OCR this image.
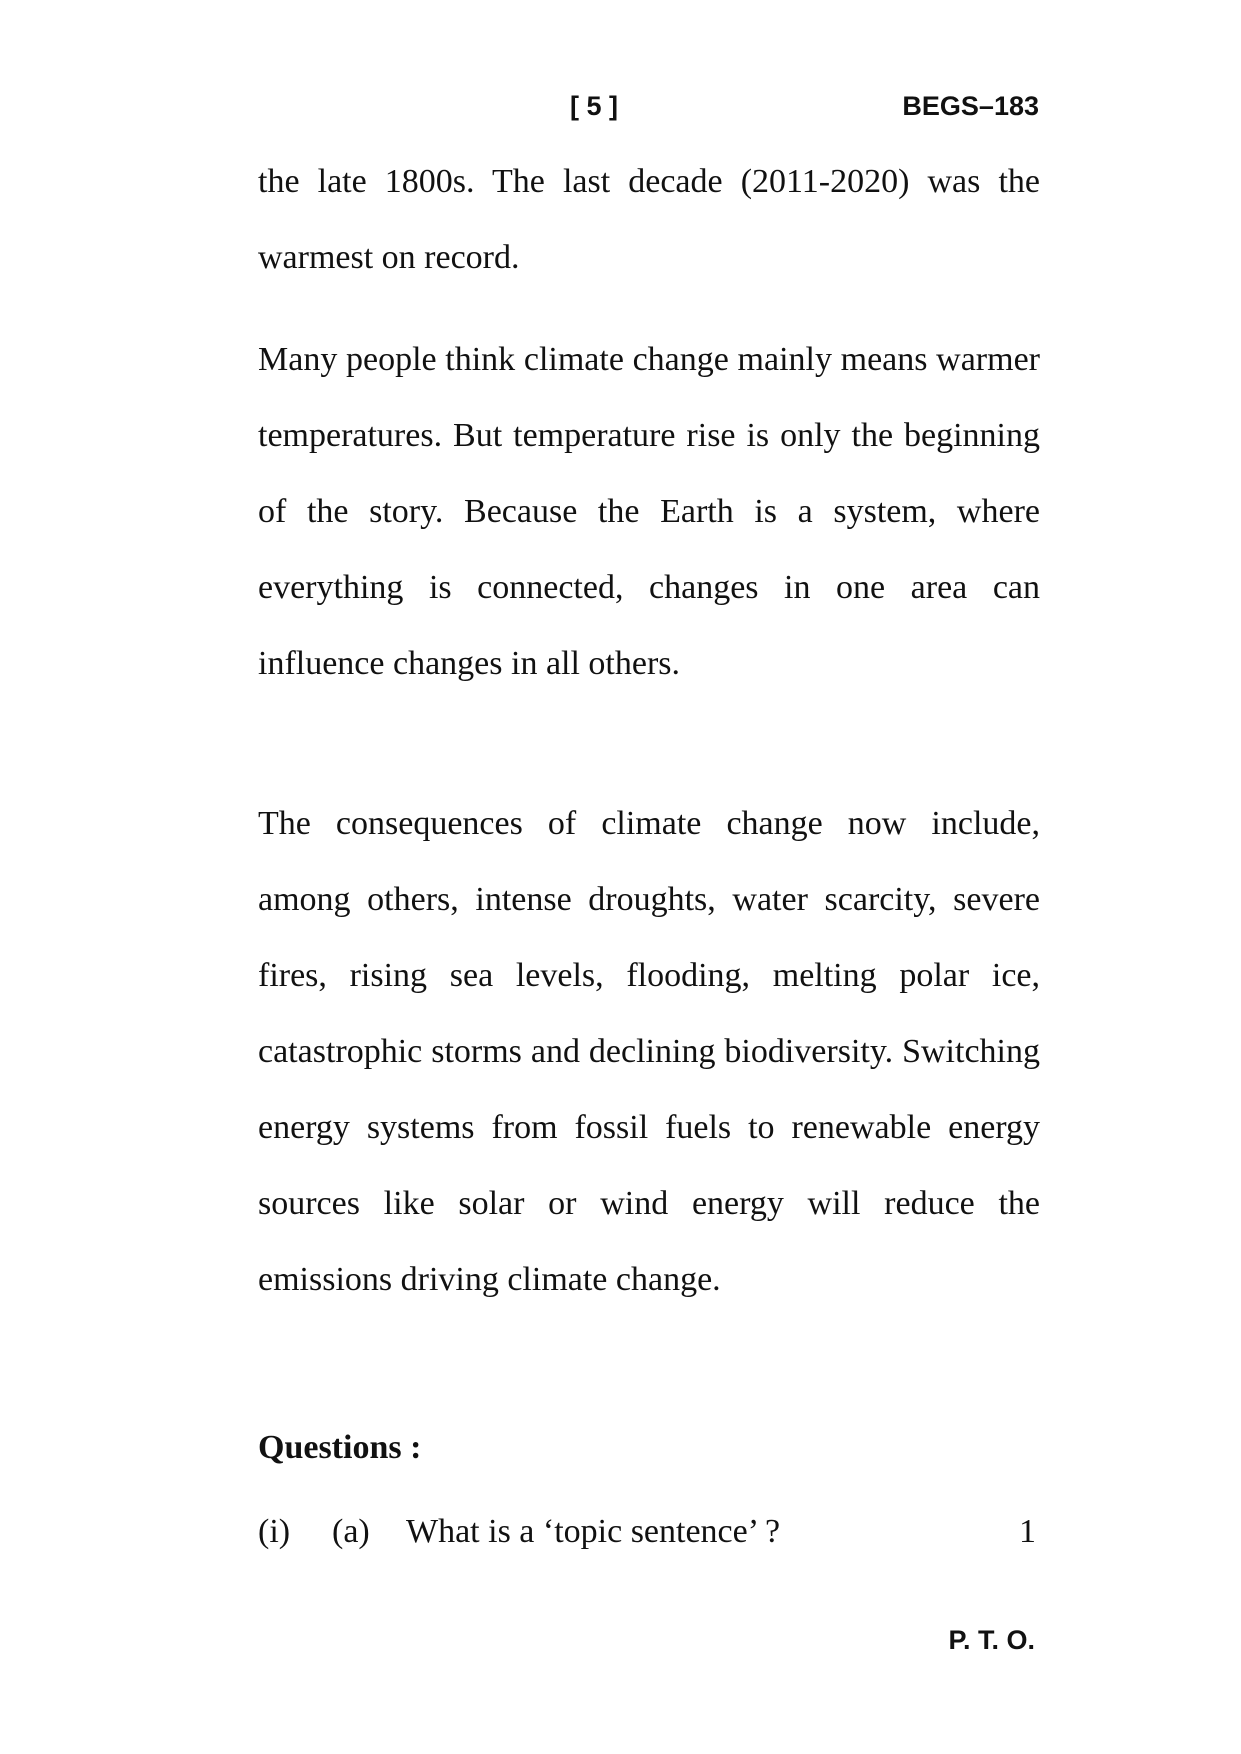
[ 5 ]	BEGS–183

the late 1800s. The last decade (2011-2020) was the warmest on record.

Many people think climate change mainly means warmer temperatures. But temperature rise is only the beginning of the story. Because the Earth is a system, where everything is connected, changes in one area can influence changes in all others.

The consequences of climate change now include, among others, intense droughts, water scarcity, severe fires, rising sea levels, flooding, melting polar ice, catastrophic storms and declining biodiversity. Switching energy systems from fossil fuels to renewable energy sources like solar or wind energy will reduce the emissions driving climate change.

Questions :

(i) (a) What is a ‘topic sentence’ ?	1
P. T. O.
